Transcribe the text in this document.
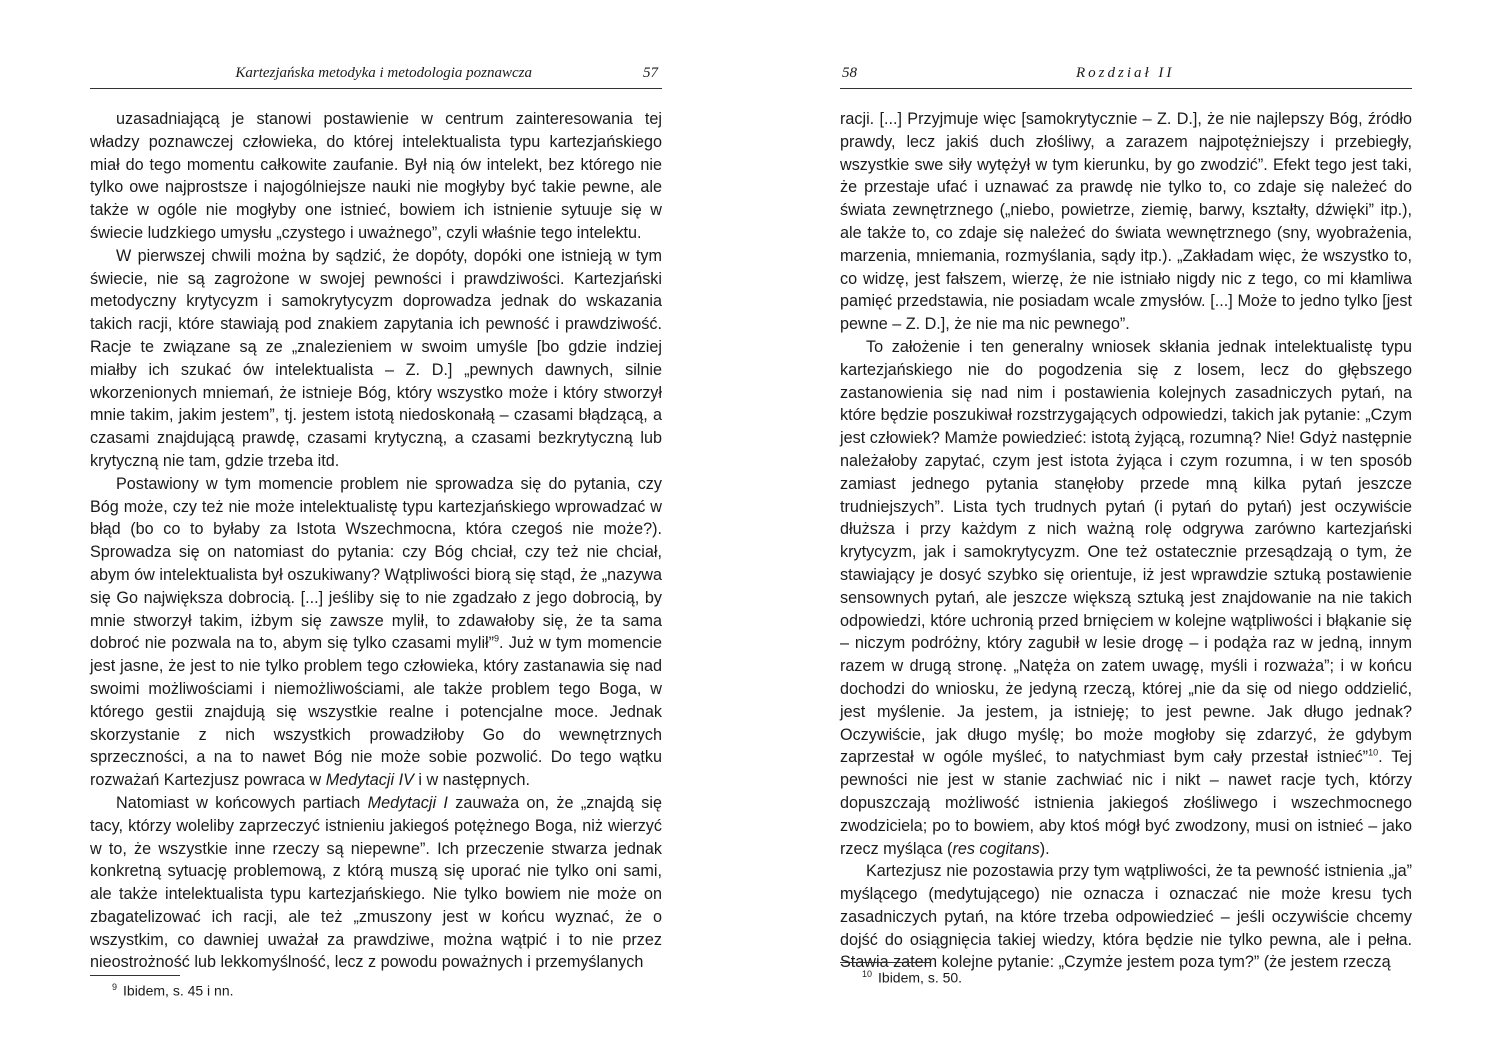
Kartezjańska metodyka i metodologia poznawcza	57

uzasadniającą je stanowi postawienie w centrum zainteresowania tej władzy poznawczej człowieka, do której intelektualista typu kartezjańskiego miał do tego momentu całkowite zaufanie. Był nią ów intelekt, bez którego nie tylko owe najprostsze i najogólniejsze nauki nie mogłyby być takie pewne, ale także w ogóle nie mogłyby one istnieć, bowiem ich istnienie sytuuje się w świecie ludzkiego umysłu „czystego i uważnego”, czyli właśnie tego intelektu.

W pierwszej chwili można by sądzić, że dopóty, dopóki one istnieją w tym świecie, nie są zagrożone w swojej pewności i prawdziwości. Kartezjański metodyczny krytycyzm i samokrytycyzm doprowadza jednak do wskazania takich racji, które stawiają pod znakiem zapytania ich pewność i prawdziwość. Racje te związane są ze „znalezieniem w swoim umyśle [bo gdzie indziej miałby ich szukać ów intelektualista – Z. D.] „pewnych dawnych, silnie wkorzenionych mniemań, że istnieje Bóg, który wszystko może i który stworzył mnie takim, jakim jestem”, tj. jestem istotą niedoskonałą – czasami błądzącą, a czasami znajdującą prawdę, czasami krytyczną, a czasami bezkrytyczną lub krytyczną nie tam, gdzie trzeba itd.

Postawiony w tym momencie problem nie sprowadza się do pytania, czy Bóg może, czy też nie może intelektualistę typu kartezjańskiego wprowadzać w błąd (bo co to byłaby za Istota Wszechmocna, która czegoś nie może?). Sprowadza się on natomiast do pytania: czy Bóg chciał, czy też nie chciał, abym ów intelektualista był oszukiwany? Wątpliwości biorą się stąd, że „nazywa się Go największa dobrocią. [...] jeśliby się to nie zgadzało z jego dobrocią, by mnie stworzył takim, iżbym się zawsze mylił, to zdawałoby się, że ta sama dobroć nie pozwala na to, abym się tylko czasami mylił”$^9$. Już w tym momencie jest jasne, że jest to nie tylko problem tego człowieka, który zastanawia się nad swoimi możliwościami i niemożliwościami, ale także problem tego Boga, w którego gestii znajdują się wszystkie realne i potencjalne moce. Jednak skorzystanie z nich wszystkich prowadziłoby Go do wewnętrznych sprzeczności, a na to nawet Bóg nie może sobie pozwolić. Do tego wątku rozważań Kartezjusz powraca w Medytacji IV i w następnych.

Natomiast w końcowych partiach Medytacji I zauważa on, że „znajdą się tacy, którzy woleliby zaprzeczyć istnieniu jakiegoś potężnego Boga, niż wierzyć w to, że wszystkie inne rzeczy są niepewne”. Ich przeczenie stwarza jednak konkretną sytuację problemową, z którą muszą się uporać nie tylko oni sami, ale także intelektualista typu kartezjańskiego. Nie tylko bowiem nie może on zbagatelizować ich racji, ale też „zmuszony jest w końcu wyznać, że o wszystkim, co dawniej uważał za prawdziwe, można wątpić i to nie przez nieostrożność lub lekkomyślność, lecz z powodu poważnych i przemyślanych

$^9$ Ibidem, s. 45 i nn.
58	Rozdział II

racji. [...] Przyjmuje więc [samokrytycznie – Z. D.], że nie najlepszy Bóg, źródło prawdy, lecz jakiś duch złośliwy, a zarazem najpotężniejszy i przebiegły, wszystkie swe siły wytężył w tym kierunku, by go zwodzić”. Efekt tego jest taki, że przestaje ufać i uznawać za prawdę nie tylko to, co zdaje się należeć do świata zewnętrznego („niebo, powietrze, ziemię, barwy, kształty, dźwięki” itp.), ale także to, co zdaje się należeć do świata wewnętrznego (sny, wyobrażenia, marzenia, mniemania, rozmyślania, sądy itp.). „Zakładam więc, że wszystko to, co widzę, jest fałszem, wierzę, że nie istniało nigdy nic z tego, co mi kłamliwa pamięć przedstawia, nie posiadam wcale zmysłów. [...] Może to jedno tylko [jest pewne – Z. D.], że nie ma nic pewnego”.

To założenie i ten generalny wniosek skłania jednak intelektualistę typu kartezjańskiego nie do pogodzenia się z losem, lecz do głębszego zastanowienia się nad nim i postawienia kolejnych zasadniczych pytań, na które będzie poszukiwał rozstrzygających odpowiedzi, takich jak pytanie: „Czym jest człowiek? Mamże powiedzieć: istotą żyjącą, rozumną? Nie! Gdyż następnie należałoby zapytać, czym jest istota żyjąca i czym rozumna, i w ten sposób zamiast jednego pytania stanęłoby przede mną kilka pytań jeszcze trudniejszych”. Lista tych trudnych pytań (i pytań do pytań) jest oczywiście dłuższa i przy każdym z nich ważną rolę odgrywa zarówno kartezjański krytycyzm, jak i samokrytycyzm. One też ostatecznie przesądzają o tym, że stawiający je dosyć szybko się orientuje, iż jest wprawdzie sztuką postawienie sensownych pytań, ale jeszcze większą sztuką jest znajdowanie na nie takich odpowiedzi, które uchronią przed brnięciem w kolejne wątpliwości i błąkanie się – niczym podróżny, który zagubił w lesie drogę – i podąża raz w jedną, innym razem w drugą stronę. „Natęża on zatem uwagę, myśli i rozważa”; i w końcu dochodzi do wniosku, że jedyną rzeczą, której „nie da się od niego oddzielić, jest myślenie. Ja jestem, ja istnieję; to jest pewne. Jak długo jednak? Oczywiście, jak długo myślę; bo może mogłoby się zdarzyć, że gdybym zaprzestał w ogóle myśleć, to natychmiast bym cały przestał istnieć”$^{10}$. Tej pewności nie jest w stanie zachwiać nic i nikt – nawet racje tych, którzy dopuszczają możliwość istnienia jakiegoś złośliwego i wszechmocnego zwodziciela; po to bowiem, aby ktoś mógł być zwodzony, musi on istnieć – jako rzecz myśląca (res cogitans).

Kartezjusz nie pozostawia przy tym wątpliwości, że ta pewność istnienia „ja” myślącego (medytującego) nie oznacza i oznaczać nie może kresu tych zasadniczych pytań, na które trzeba odpowiedzieć – jeśli oczywiście chcemy dojść do osiągnięcia takiej wiedzy, która będzie nie tylko pewna, ale i pełna. Stawia zatem kolejne pytanie: „Czymże jestem poza tym?” (że jestem rzeczą

$^{10}$ Ibidem, s. 50.
